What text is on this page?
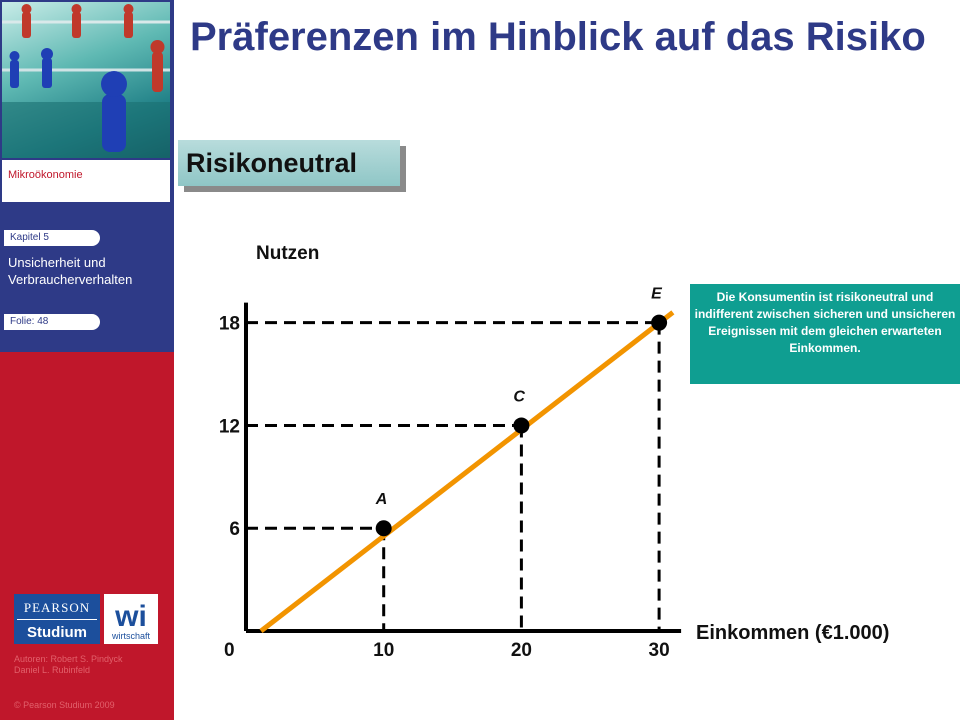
Mikroökonomie
Kapitel 5
Unsicherheit und Verbraucherverhalten
Folie: 48
PEARSON
Studium wi
wirtschaft
Autoren: Robert S. Pindyck
Daniel L. Rubinfeld
© Pearson Studium 2009
Präferenzen im Hinblick auf das Risiko
Risikoneutral
Die Konsumentin ist risikoneutral und indifferent zwischen sicheren und unsicheren Ereignissen mit dem gleichen erwarteten Einkommen.
A
C
E
10	20	30
6
12
18
Nutzen
Einkommen (€1.000)
0
